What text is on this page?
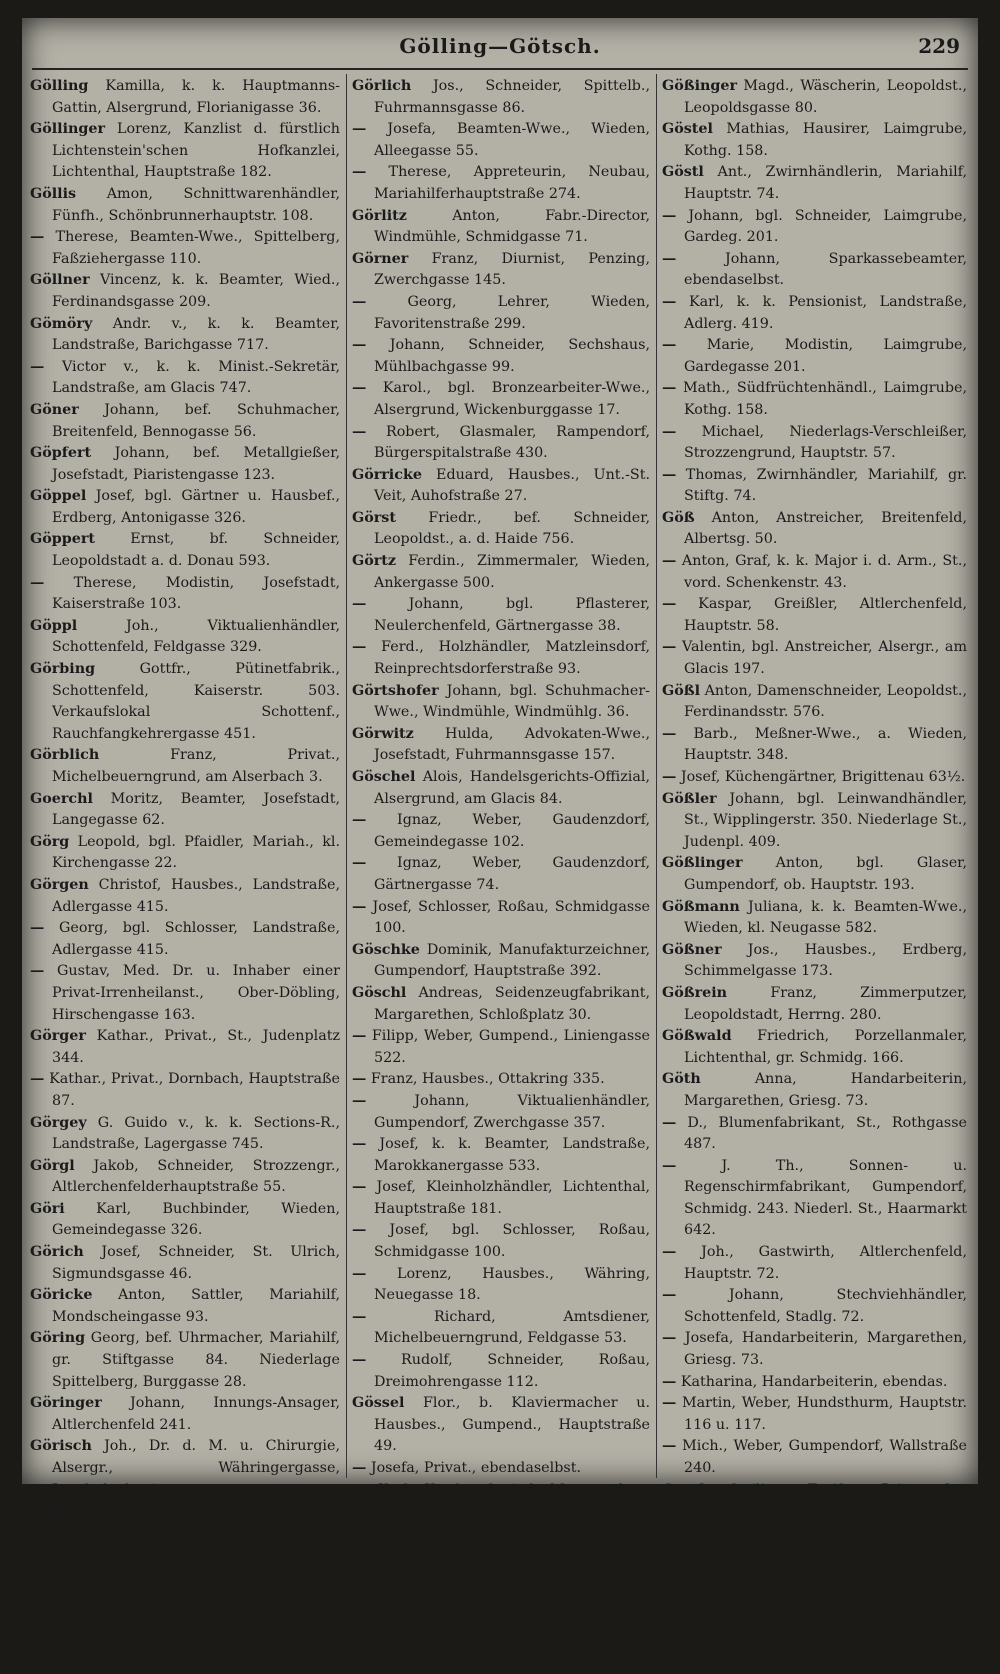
Gölling—Götsch.	229

Gölling Kamilla, k. k. Hauptmanns-Gattin, Alsergrund, Florianigasse 36.

Göllinger Lorenz, Kanzlist d. fürstlich Lichtenstein'schen Hofkanzlei, Lichtenthal, Hauptstraße 182.

Göllis Amon, Schnittwarenhändler, Fünfh., Schönbrunnerhauptstr. 108.

— Therese, Beamten-Wwe., Spittelberg, Faßziehergasse 110.

Göllner Vincenz, k. k. Beamter, Wied., Ferdinandsgasse 209.

Gömöry Andr. v., k. k. Beamter, Landstraße, Barichgasse 717.

— Victor v., k. k. Minist.-Sekretär, Landstraße, am Glacis 747.

Göner Johann, bef. Schuhmacher, Breitenfeld, Bennogasse 56.

Göpfert Johann, bef. Metallgießer, Josefstadt, Piaristengasse 123.

Göppel Josef, bgl. Gärtner u. Hausbef., Erdberg, Antonigasse 326.

Göppert Ernst, bf. Schneider, Leopoldstadt a. d. Donau 593.

— Therese, Modistin, Josefstadt, Kaiserstraße 103.

Göppl	Joh., Viktualienhändler, Schottenfeld, Feldgasse 329.

Görbing	Gottfr., Pütinetfabrik., Schottenfeld, Kaiserstr. 503. Verkaufslokal Schottenf., Rauchfangkehrergasse 451.

Görblich	Franz, Privat., Michelbeuerngrund, am Alserbach 3.

Goerchl Moritz, Beamter, Josefstadt, Langegasse 62.

Görg Leopold, bgl. Pfaidler, Mariah., kl. Kirchengasse 22.

Görgen Christof, Hausbes., Landstraße, Adlergasse 415.

— Georg, bgl. Schlosser, Landstraße, Adlergasse 415.

— Gustav, Med. Dr. u. Inhaber einer Privat-Irrenheilanst., Ober-Döbling, Hirschengasse 163.

Görger Kathar., Privat., St., Judenplatz 344.

— Kathar., Privat., Dornbach, Hauptstraße 87.

Görgey G. Guido v., k. k. Sections-R., Landstraße, Lagergasse 745.

Görgl Jakob, Schneider, Strozzengr., Altlerchenfelderhauptstraße 55.

Göri Karl, Buchbinder, Wieden, Gemeindegasse 326.

Görich Josef, Schneider, St. Ulrich, Sigmundsgasse 46.

Göricke Anton, Sattler, Mariahilf, Mondscheingasse 93.

Göring Georg, bef. Uhrmacher, Mariahilf, gr. Stiftgasse 84. Niederlage Spittelberg, Burggasse 28.

Göringer Johann, Innungs-Ansager, Altlerchenfeld 241.

Görisch Joh., Dr. d. M. u. Chirurgie, Alsergr., Währingergasse, Josefsakademie.

Görlich Alois, k. k. Beamter, Altlerchenfeld, Hauptstraße 200.

— Joh., Bäcker, Rustendorf, Rustengasse 59.

Görlich Jos., Schneider, Spittelb., Fuhrmannsgasse 86.

— Josefa, Beamten-Wwe., Wieden, Alleegasse 55.

— Therese, Appreteurin, Neubau, Mariahilferhauptstraße 274.

Görlitz	Anton, Fabr.-Director, Windmühle, Schmidgasse 71.

Görner Franz, Diurnist, Penzing, Zwerchgasse 145.

—	Georg, Lehrer, Wieden, Favoritenstraße 299.

— Johann, Schneider, Sechshaus, Mühlbachgasse 99.

— Karol., bgl. Bronzearbeiter-Wwe., Alsergrund, Wickenburggasse 17.

— Robert, Glasmaler, Rampendorf, Bürgerspitalstraße 430.

Görricke Eduard, Hausbes., Unt.-St. Veit, Auhofstraße 27.

Görst Friedr., bef. Schneider, Leopoldst., a. d. Haide 756.

Görtz Ferdin., Zimmermaler, Wieden, Ankergasse 500.

—	Johann, bgl. Pflasterer, Neulerchenfeld, Gärtnergasse 38.

— Ferd., Holzhändler, Matzleinsdorf, Reinprechtsdorferstraße 93.

Görtshofer Johann, bgl. Schuhmacher-Wwe., Windmühle, Windmühlg. 36.

Görwitz Hulda, Advokaten-Wwe., Josefstadt, Fuhrmannsgasse 157.

Göschel Alois, Handelsgerichts-Offizial, Alsergrund, am Glacis 84.

— Ignaz, Weber, Gaudenzdorf, Gemeindegasse 102.

— Ignaz, Weber, Gaudenzdorf, Gärtnergasse 74.

— Josef, Schlosser, Roßau, Schmidgasse 100.

Göschke Dominik, Manufakturzeichner, Gumpendorf, Hauptstraße 392.

Göschl Andreas, Seidenzeugfabrikant, Margarethen, Schloßplatz 30.

— Filipp, Weber, Gumpend., Liniengasse 522.

— Franz, Hausbes., Ottakring 335.

—	Johann, Viktualienhändler, Gumpendorf, Zwerchgasse 357.

— Josef, k. k. Beamter, Landstraße, Marokkanergasse 533.

— Josef, Kleinholzhändler, Lichtenthal, Hauptstraße 181.

— Josef, bgl. Schlosser, Roßau, Schmidgasse 100.

— Lorenz, Hausbes., Währing, Neuegasse 18.

—	Richard, Amtsdiener, Michelbeuerngrund, Feldgasse 53.

— Rudolf, Schneider, Roßau, Dreimohrengasse 112.

Gössel Flor., b. Klaviermacher u. Hausbes., Gumpend., Hauptstraße 49.

— Josefa, Privat., ebendaselbst.

— Karl, Kupferschmied, Margarethen, Griesgasse 177.

— Rosa, Privat., Gumpend., Hauptstraße 49.

Gösseln Heinr., bef. Kammmacher, Gumpendorf, gr. Steingasse 318.

Gösslinger	Andreas, Gastwirth, Neulerchenfeld, mittere Hauptstraße 79.

Gößinger Magd., Wäscherin, Leopoldst., Leopoldsgasse 80.

Göstel Mathias, Hausirer, Laimgrube, Kothg. 158.

Göstl Ant., Zwirnhändlerin, Mariahilf, Hauptstr. 74.

— Johann, bgl. Schneider, Laimgrube, Gardeg. 201.

—	Johann, Sparkassebeamter, ebendaselbst.

— Karl, k. k. Pensionist, Landstraße, Adlerg. 419.

— Marie, Modistin, Laimgrube, Gardegasse 201.

— Math., Südfrüchtenhändl., Laimgrube, Kothg. 158.

— Michael, Niederlags-Verschleißer, Strozzengrund, Hauptstr. 57.

— Thomas, Zwirnhändler, Mariahilf, gr. Stiftg. 74.

Göß Anton, Anstreicher, Breitenfeld, Albertsg. 50.

— Anton, Graf, k. k. Major i. d. Arm., St., vord. Schenkenstr. 43.

— Kaspar, Greißler, Altlerchenfeld, Hauptstr. 58.

— Valentin, bgl. Anstreicher, Alsergr., am Glacis 197.

Gößl Anton, Damenschneider, Leopoldst., Ferdinandsstr. 576.

— Barb., Meßner-Wwe., a. Wieden, Hauptstr. 348.

— Josef, Küchengärtner, Brigittenau 63½.

Gößler Johann, bgl. Leinwandhändler, St., Wipplingerstr. 350. Niederlage St., Judenpl. 409.

Gößlinger Anton, bgl. Glaser, Gumpendorf, ob. Hauptstr. 193.

Gößmann Juliana, k. k. Beamten-Wwe., Wieden, kl. Neugasse 582.

Gößner Jos., Hausbes., Erdberg, Schimmelgasse 173.

Gößrein	Franz, Zimmerputzer, Leopoldstadt, Herrng. 280.

Gößwald Friedrich, Porzellanmaler, Lichtenthal, gr. Schmidg. 166.

Göth	Anna, Handarbeiterin, Margarethen, Griesg. 73.

— D., Blumenfabrikant, St., Rothgasse 487.

—	J. Th., Sonnen- u. Regenschirmfabrikant, Gumpendorf, Schmidg. 243. Niederl. St., Haarmarkt 642.

— Joh., Gastwirth, Altlerchenfeld, Hauptstr. 72.

—	Johann, Stechviehhändler, Schottenfeld, Stadlg. 72.

— Josefa, Handarbeiterin, Margarethen, Griesg. 73.

— Katharina, Handarbeiterin, ebendas.

— Martin, Weber, Hundsthurm, Hauptstr. 116 u. 117.

— Mich., Weber, Gumpendorf, Wallstraße 240.

Goethe Ottilie v., Freifrau, Privat., St., Renng. 153.

Götl Josef, bgl. Seidenzeugmacher, a. Wieden, Hartmannsg. 405.

Götsch	Ferd., Silberschleifer, Gumpendorf, Bräuhausg. 518.
